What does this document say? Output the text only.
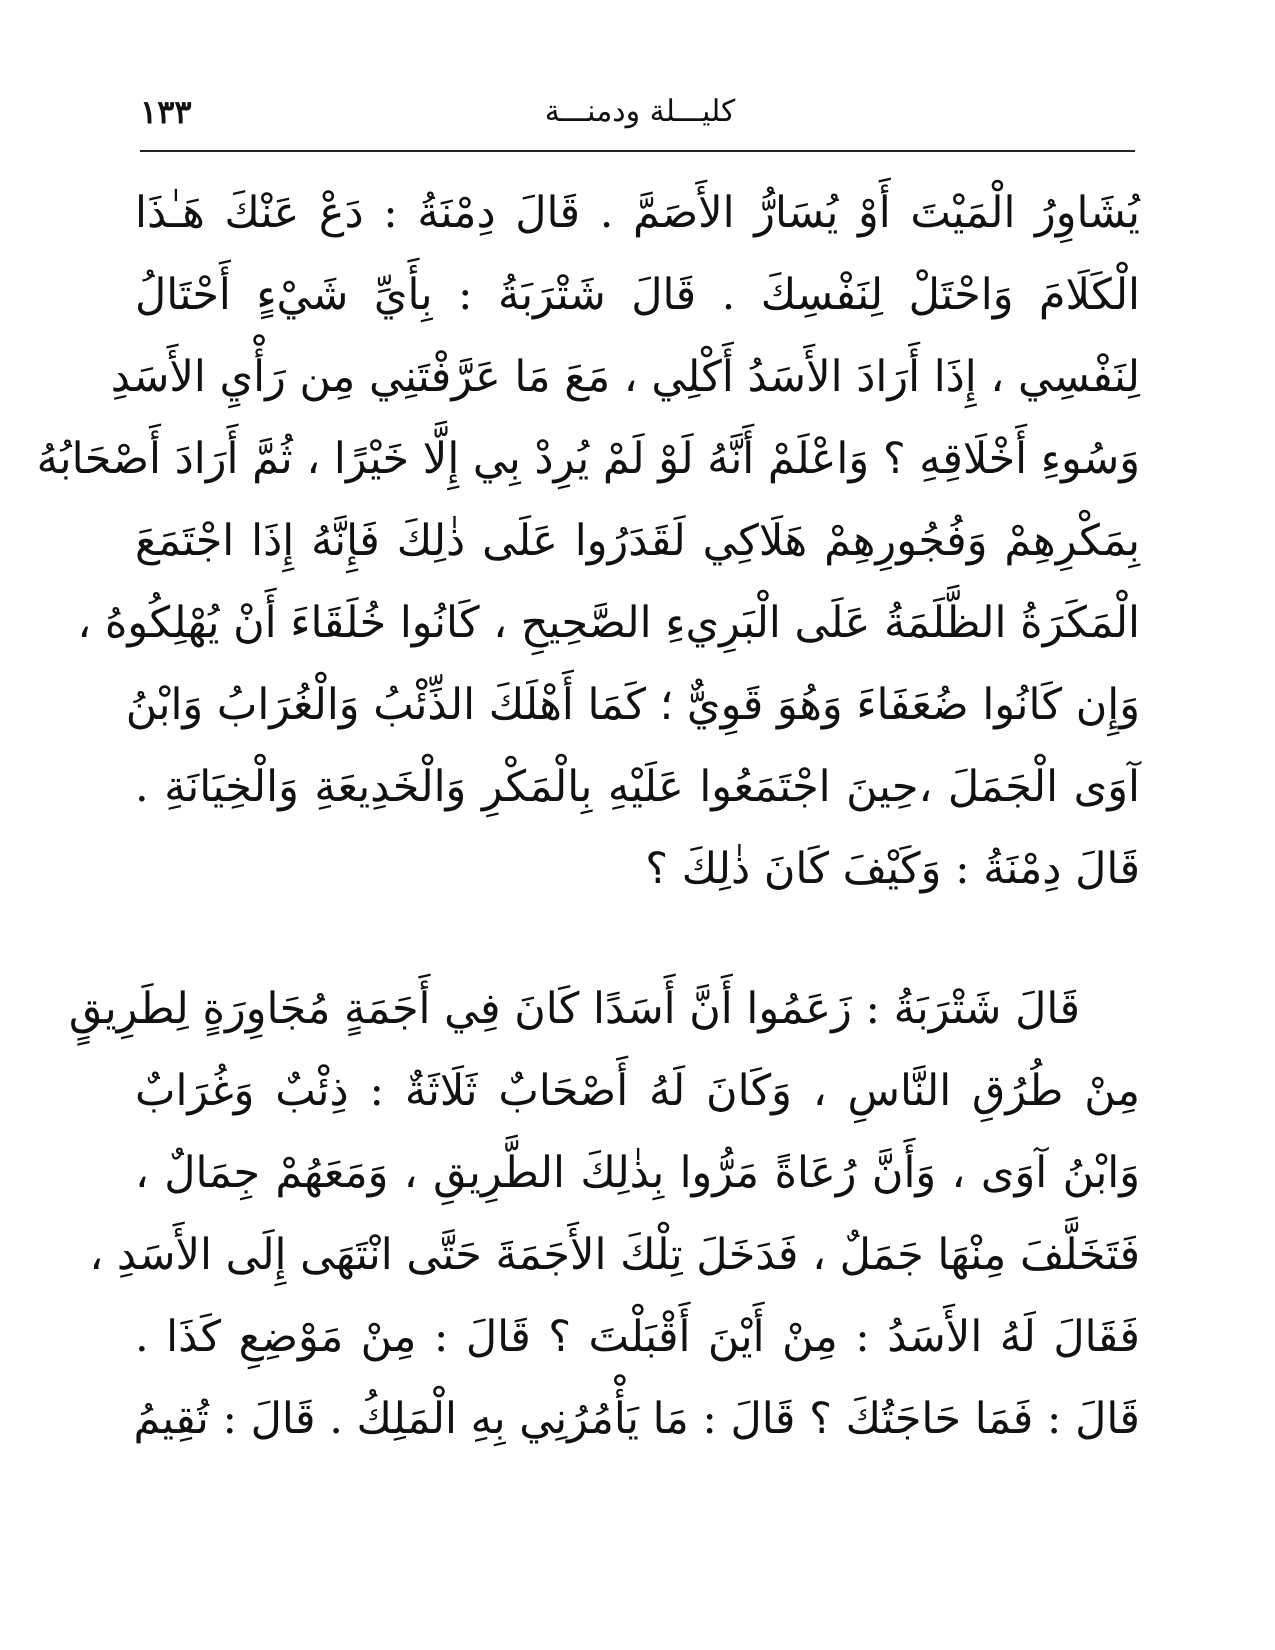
كليـــلة ودمنـــة
١٣٣
يُشَاوِرُ الْمَيْتَ أَوْ يُسَارُّ الأَصَمَّ . قَالَ دِمْنَةُ : دَعْ عَنْكَ هَـٰذَا
الْكَلَامَ وَاحْتَلْ لِنَفْسِكَ . قَالَ شَتْرَبَةُ : بِأَيِّ شَيْءٍ أَحْتَالُ
لِنَفْسِي ، إِذَا أَرَادَ الأَسَدُ أَكْلِي ، مَعَ مَا عَرَّفْتَنِي مِن رَأْيِ الأَسَدِ
وَسُوءِ أَخْلَاقِهِ ؟ وَاعْلَمْ أَنَّهُ لَوْ لَمْ يُرِدْ بِي إِلَّا خَيْرًا ، ثُمَّ أَرَادَ أَصْحَابُهُ
بِمَكْرِهِمْ وَفُجُورِهِمْ هَلَاكِي لَقَدَرُوا عَلَى ذٰلِكَ فَإِنَّهُ إِذَا اجْتَمَعَ
الْمَكَرَةُ الظَّلَمَةُ عَلَى الْبَرِيءِ الصَّحِيحِ ، كَانُوا خُلَقَاءَ أَنْ يُهْلِكُوهُ ،
وَإِن كَانُوا ضُعَفَاءَ وَهُوَ قَوِيٌّ ؛ كَمَا أَهْلَكَ الذِّئْبُ وَالْغُرَابُ وَابْنُ
آوَى الْجَمَلَ ،حِينَ اجْتَمَعُوا عَلَيْهِ بِالْمَكْرِ وَالْخَدِيعَةِ وَالْخِيَانَةِ .
قَالَ دِمْنَةُ : وَكَيْفَ كَانَ ذٰلِكَ ؟
قَالَ شَتْرَبَةُ : زَعَمُوا أَنَّ أَسَدًا كَانَ فِي أَجَمَةٍ مُجَاوِرَةٍ لِطَرِيقٍ
مِنْ طُرُقِ النَّاسِ ، وَكَانَ لَهُ أَصْحَابٌ ثَلَاثَةٌ : ذِئْبٌ وَغُرَابٌ
وَابْنُ آوَى ، وَأَنَّ رُعَاةً مَرُّوا بِذٰلِكَ الطَّرِيقِ ، وَمَعَهُمْ جِمَالٌ ،
فَتَخَلَّفَ مِنْهَا جَمَلٌ ، فَدَخَلَ تِلْكَ الأَجَمَةَ حَتَّى انْتَهَى إِلَى الأَسَدِ ،
فَقَالَ لَهُ الأَسَدُ : مِنْ أَيْنَ أَقْبَلْتَ ؟ قَالَ : مِنْ مَوْضِعِ كَذَا .
قَالَ : فَمَا حَاجَتُكَ ؟ قَالَ : مَا يَأْمُرُنِي بِهِ الْمَلِكُ . قَالَ : تُقِيمُ
